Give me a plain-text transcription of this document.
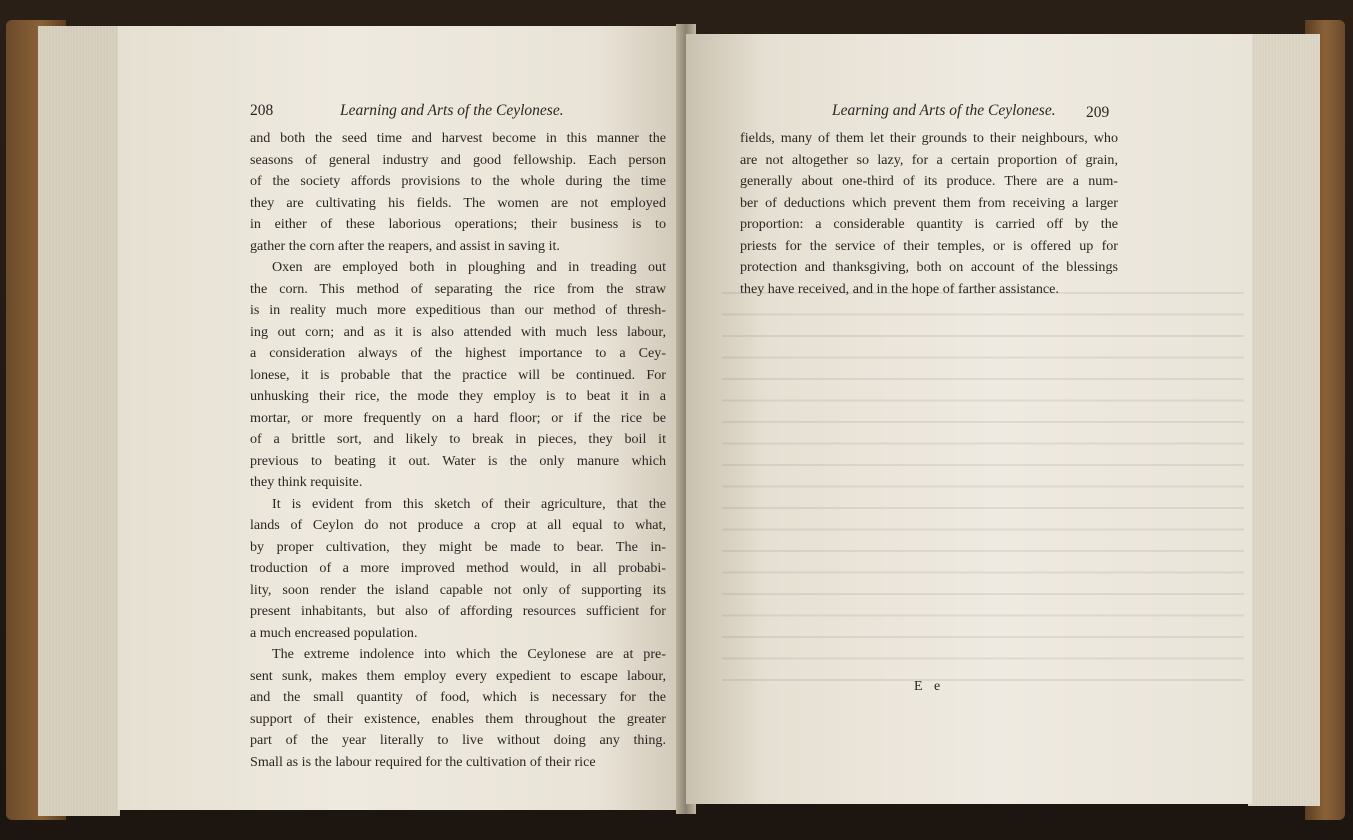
208	Learning and Arts of the Ceylonese.
and both the seed time and harvest become in this manner the
seasons of general industry and good fellowship. Each person
of the society affords provisions to the whole during the time
they are cultivating his fields. The women are not employed
in either of these laborious operations; their business is to
gather the corn after the reapers, and assist in saving it.
Oxen are employed both in ploughing and in treading out
the corn. This method of separating the rice from the straw
is in reality much more expeditious than our method of thresh-
ing out corn; and as it is also attended with much less labour,
a consideration always of the highest importance to a Cey-
lonese, it is probable that the practice will be continued. For
unhusking their rice, the mode they employ is to beat it in a
mortar, or more frequently on a hard floor; or if the rice be
of a brittle sort, and likely to break in pieces, they boil it
previous to beating it out. Water is the only manure which
they think requisite.
It is evident from this sketch of their agriculture, that the
lands of Ceylon do not produce a crop at all equal to what,
by proper cultivation, they might be made to bear. The in-
troduction of a more improved method would, in all probabi-
lity, soon render the island capable not only of supporting its
present inhabitants, but also of affording resources sufficient for
a much encreased population.
The extreme indolence into which the Ceylonese are at pre-
sent sunk, makes them employ every expedient to escape labour,
and the small quantity of food, which is necessary for the
support of their existence, enables them throughout the greater
part of the year literally to live without doing any thing.
Small as is the labour required for the cultivation of their rice
Learning and Arts of the Ceylonese. 209
fields, many of them let their grounds to their neighbours, who
are not altogether so lazy, for a certain proportion of grain,
generally about one-third of its produce. There are a num-
ber of deductions which prevent them from receiving a larger
proportion: a considerable quantity is carried off by the
priests for the service of their temples, or is offered up for
protection and thanksgiving, both on account of the blessings
they have received, and in the hope of farther assistance.
E e
